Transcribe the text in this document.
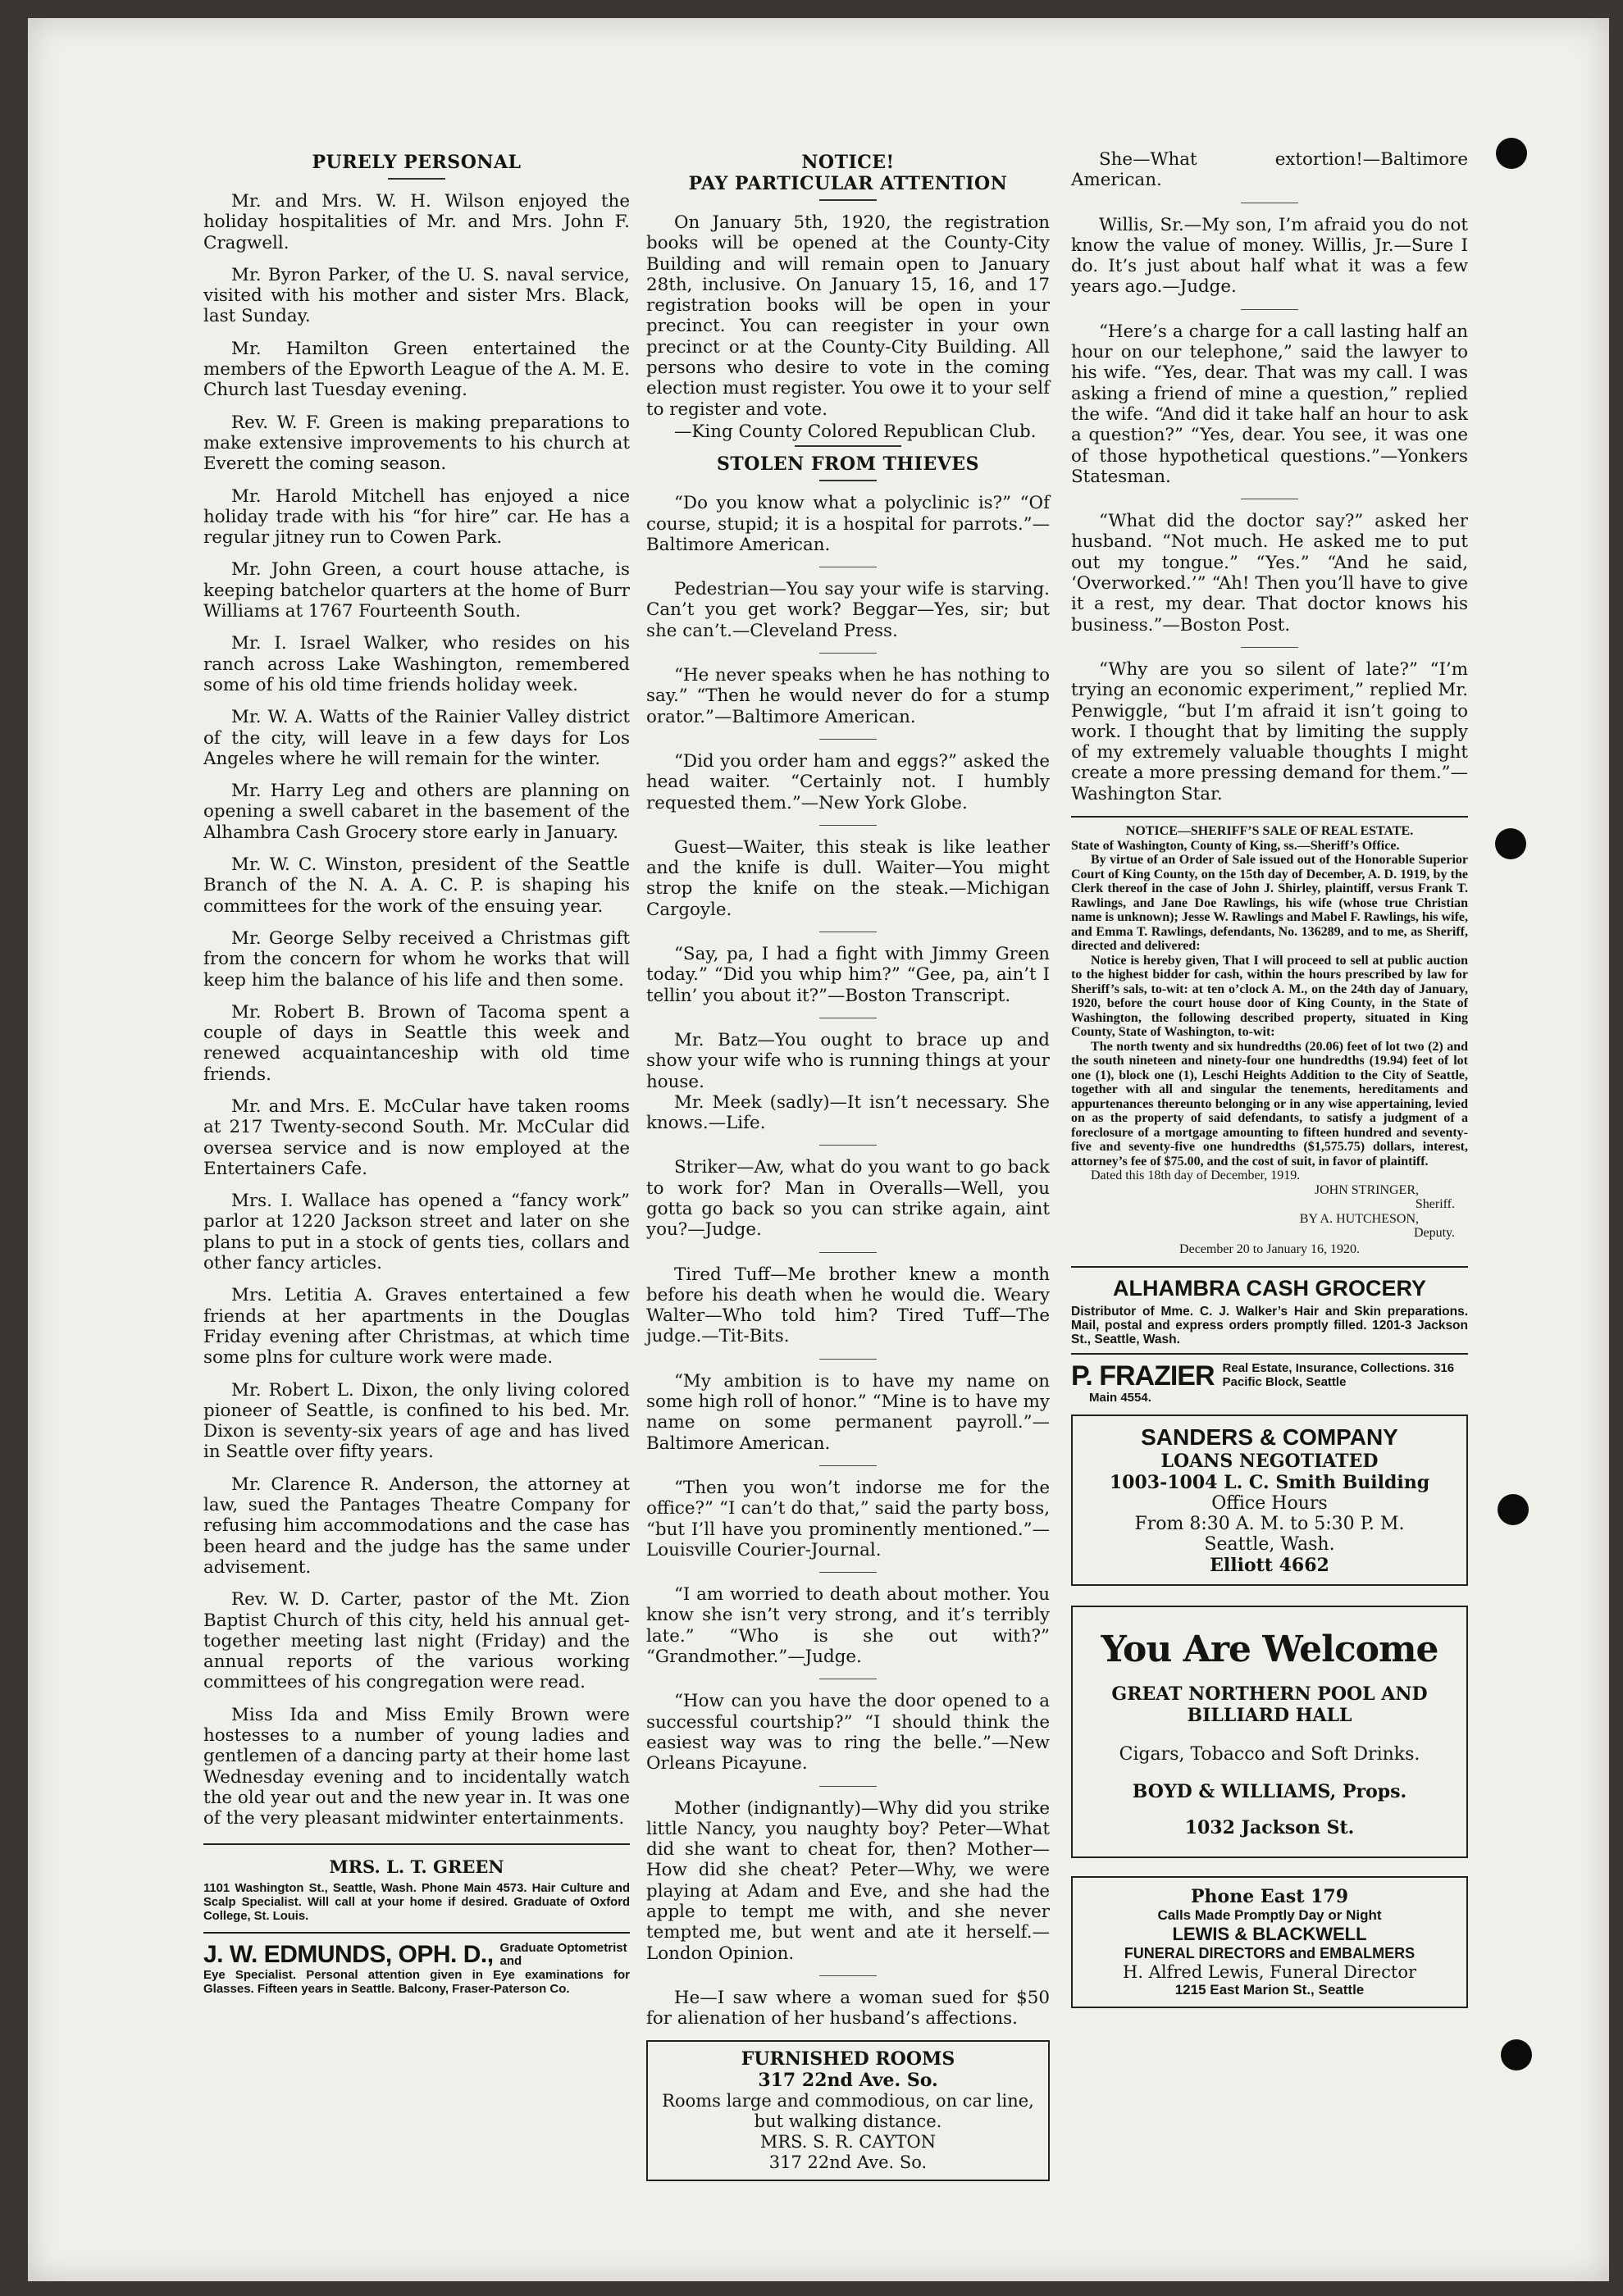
PURELY PERSONAL

Mr. and Mrs. W. H. Wilson enjoyed the holiday hospitalities of Mr. and Mrs. John F. Cragwell.

Mr. Byron Parker, of the U. S. naval service, visited with his mother and sister Mrs. Black, last Sunday.

Mr. Hamilton Green entertained the members of the Epworth League of the A. M. E. Church last Tuesday evening.

Rev. W. F. Green is making preparations to make extensive improvements to his church at Everett the coming season.

Mr. Harold Mitchell has enjoyed a nice holiday trade with his “for hire” car. He has a regular jitney run to Cowen Park.

Mr. John Green, a court house attache, is keeping batchelor quarters at the home of Burr Williams at 1767 Fourteenth South.

Mr. I. Israel Walker, who resides on his ranch across Lake Washington, remembered some of his old time friends holiday week.

Mr. W. A. Watts of the Rainier Valley district of the city, will leave in a few days for Los Angeles where he will remain for the winter.

Mr. Harry Leg and others are planning on opening a swell cabaret in the basement of the Alhambra Cash Grocery store early in January.

Mr. W. C. Winston, president of the Seattle Branch of the N. A. A. C. P. is shaping his committees for the work of the ensuing year.

Mr. George Selby received a Christmas gift from the concern for whom he works that will keep him the balance of his life and then some.

Mr. Robert B. Brown of Tacoma spent a couple of days in Seattle this week and renewed acquaintanceship with old time friends.

Mr. and Mrs. E. McCular have taken rooms at 217 Twenty-second South. Mr. McCular did oversea service and is now employed at the Entertainers Cafe.

Mrs. I. Wallace has opened a “fancy work” parlor at 1220 Jackson street and later on she plans to put in a stock of gents ties, collars and other fancy articles.

Mrs. Letitia A. Graves entertained a few friends at her apartments in the Douglas Friday evening after Christmas, at which time some plns for culture work were made.

Mr. Robert L. Dixon, the only living colored pioneer of Seattle, is confined to his bed. Mr. Dixon is seventy-six years of age and has lived in Seattle over fifty years.

Mr. Clarence R. Anderson, the attorney at law, sued the Pantages Theatre Company for refusing him accommodations and the case has been heard and the judge has the same under advisement.

Rev. W. D. Carter, pastor of the Mt. Zion Baptist Church of this city, held his annual get-together meeting last night (Friday) and the annual reports of the various working committees of his congregation were read.

Miss Ida and Miss Emily Brown were hostesses to a number of young ladies and gentlemen of a dancing party at their home last Wednesday evening and to incidentally watch the old year out and the new year in. It was one of the very pleasant midwinter entertainments.

MRS. L. T. GREEN
1101 Washington St., Seattle, Wash. Phone Main 4573. Hair Culture and Scalp Specialist. Will call at your home if desired. Graduate of Oxford College, St. Louis.
J. W. EDMUNDS, OPH. D., Graduate Optometrist and
Eye Specialist. Personal attention given in Eye examinations for Glasses. Fifteen years in Seattle. Balcony, Fraser-Paterson Co.
NOTICE!
PAY PARTICULAR ATTENTION

On January 5th, 1920, the registration books will be opened at the County-City Building and will remain open to January 28th, inclusive. On January 15, 16, and 17 registration books will be open in your precinct. You can reegister in your own precinct or at the County-City Building. All persons who desire to vote in the coming election must register. You owe it to your self to register and vote.

—King County Colored Republican Club.

STOLEN FROM THIEVES

“Do you know what a polyclinic is?” “Of course, stupid; it is a hospital for parrots.”—Baltimore American.

Pedestrian—You say your wife is starving. Can’t you get work? Beggar—Yes, sir; but she can’t.—Cleveland Press.

“He never speaks when he has nothing to say.” “Then he would never do for a stump orator.”—Baltimore American.

“Did you order ham and eggs?” asked the head waiter. “Certainly not. I humbly requested them.”—New York Globe.

Guest—Waiter, this steak is like leather and the knife is dull. Waiter—You might strop the knife on the steak.—Michigan Cargoyle.

“Say, pa, I had a fight with Jimmy Green today.” “Did you whip him?” “Gee, pa, ain’t I tellin’ you about it?”—Boston Transcript.

Mr. Batz—You ought to brace up and show your wife who is running things at your house.

Mr. Meek (sadly)—It isn’t necessary. She knows.—Life.

Striker—Aw, what do you want to go back to work for? Man in Overalls—Well, you gotta go back so you can strike again, aint you?—Judge.

Tired Tuff—Me brother knew a month before his death when he would die. Weary Walter—Who told him? Tired Tuff—The judge.—Tit-Bits.

“My ambition is to have my name on some high roll of honor.” “Mine is to have my name on some permanent payroll.”—Baltimore American.

“Then you won’t indorse me for the office?” “I can’t do that,” said the party boss, “but I’ll have you prominently mentioned.”—Louisville Courier-Journal.

“I am worried to death about mother. You know she isn’t very strong, and it’s terribly late.” “Who is she out with?” “Grandmother.”—Judge.

“How can you have the door opened to a successful courtship?” “I should think the easiest way was to ring the belle.”—New Orleans Picayune.

Mother (indignantly)—Why did you strike little Nancy, you naughty boy? Peter—What did she want to cheat for, then? Mother—How did she cheat? Peter—Why, we were playing at Adam and Eve, and she had the apple to tempt me with, and she never tempted me, but went and ate it herself.—London Opinion.

He—I saw where a woman sued for $50 for alienation of her husband’s affections.

FURNISHED ROOMS
317 22nd Ave. So.
Rooms large and commodious, on car line, but walking distance.
MRS. S. R. CAYTON
317 22nd Ave. So.

She—What extortion!—Baltimore American.

Willis, Sr.—My son, I’m afraid you do not know the value of money. Willis, Jr.—Sure I do. It’s just about half what it was a few years ago.—Judge.

“Here’s a charge for a call lasting half an hour on our telephone,” said the lawyer to his wife. “Yes, dear. That was my call. I was asking a friend of mine a question,” replied the wife. “And did it take half an hour to ask a question?” “Yes, dear. You see, it was one of those hypothetical questions.”—Yonkers Statesman.

“What did the doctor say?” asked her husband. “Not much. He asked me to put out my tongue.” “Yes.” “And he said, ‘Overworked.’” “Ah! Then you’ll have to give it a rest, my dear. That doctor knows his business.”—Boston Post.

“Why are you so silent of late?” “I’m trying an economic experiment,” replied Mr. Penwiggle, “but I’m afraid it isn’t going to work. I thought that by limiting the supply of my extremely valuable thoughts I might create a more pressing demand for them.”—Washington Star.

NOTICE—SHERIFF’S SALE OF REAL ESTATE.

State of Washington, County of King, ss.—Sheriff’s Office.

By virtue of an Order of Sale issued out of the Honorable Superior Court of King County, on the 15th day of December, A. D. 1919, by the Clerk thereof in the case of John J. Shirley, plaintiff, versus Frank T. Rawlings, and Jane Doe Rawlings, his wife (whose true Christian name is unknown); Jesse W. Rawlings and Mabel F. Rawlings, his wife, and Emma T. Rawlings, defendants, No. 136289, and to me, as Sheriff, directed and delivered:

Notice is hereby given, That I will proceed to sell at public auction to the highest bidder for cash, within the hours prescribed by law for Sheriff’s sals, to-wit: at ten o’clock A. M., on the 24th day of January, 1920, before the court house door of King County, in the State of Washington, the following described property, situated in King County, State of Washington, to-wit:

The north twenty and six hundredths (20.06) feet of lot two (2) and the south nineteen and ninety-four one hundredths (19.94) feet of lot one (1), block one (1), Leschi Heights Addition to the City of Seattle, together with all and singular the tenements, hereditaments and appurtenances thereunto belonging or in any wise appertaining, levied on as the property of said defendants, to satisfy a judgment of a foreclosure of a mortgage amounting to fifteen hundred and seventy-five and seventy-five one hundredths ($1,575.75) dollars, interest, attorney’s fee of $75.00, and the cost of suit, in favor of plaintiff.

Dated this 18th day of December, 1919.

JOHN STRINGER,

Sheriff.

BY A. HUTCHESON,

Deputy.

December 20 to January 16, 1920.

ALHAMBRA CASH GROCERY
Distributor of Mme. C. J. Walker’s Hair and Skin preparations. Mail, postal and express orders promptly filled. 1201-3 Jackson St., Seattle, Wash.
P. FRAZIER Real Estate, Insurance, Collections. 316 Pacific Block, Seattle
Main 4554.
SANDERS & COMPANY
LOANS NEGOTIATED
1003-1004 L. C. Smith Building
Office Hours
From 8:30 A. M. to 5:30 P. M.
Seattle, Wash.
Elliott 4662
You Are Welcome
GREAT NORTHERN POOL AND
BILLIARD HALL
Cigars, Tobacco and Soft Drinks.
BOYD & WILLIAMS, Props.
1032 Jackson St.
Phone East 179
Calls Made Promptly Day or Night
LEWIS & BLACKWELL
FUNERAL DIRECTORS and EMBALMERS
H. Alfred Lewis, Funeral Director
1215 East Marion St., Seattle
